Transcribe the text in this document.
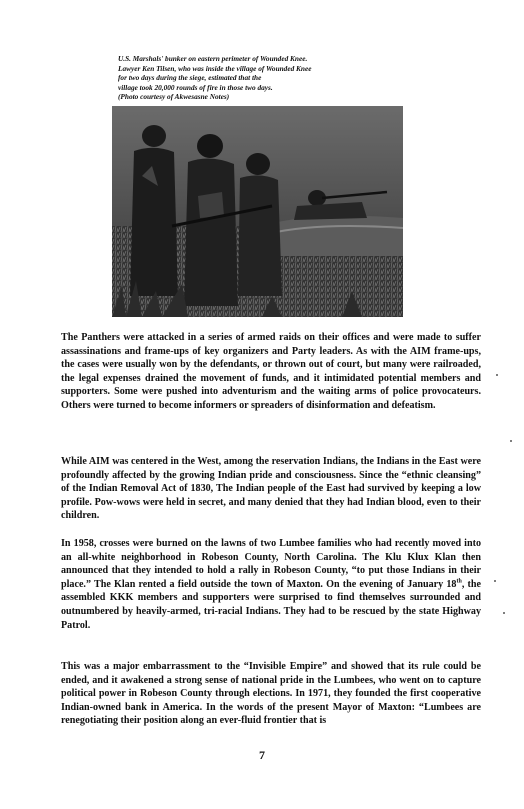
U.S. Marshals' bunker on eastern perimeter of Wounded Knee.
Lawyer Ken Tilsen, who was inside the village of Wounded Knee
for two days during the siege, estimated that the
village took 20,000 rounds of fire in those two days.
(Photo courtesy of Akwesasne Notes)

The Panthers were attacked in a series of armed raids on their offices and were made to suffer assassinations and frame-ups of key organizers and Party leaders. As with the AIM frame-ups, the cases were usually won by the defendants, or thrown out of court, but many were railroaded, the legal expenses drained the movement of funds, and it intimidated potential members and supporters. Some were pushed into adventurism and the waiting arms of police provocateurs. Others were turned to become informers or spreaders of disinformation and defeatism.

While AIM was centered in the West, among the reservation Indians, the Indians in the East were profoundly affected by the growing Indian pride and consciousness. Since the “ethnic cleansing” of the Indian Removal Act of 1830, The Indian people of the East had survived by keeping a low profile. Pow-wows were held in secret, and many denied that they had Indian blood, even to their children.

In 1958, crosses were burned on the lawns of two Lumbee families who had recently moved into an all-white neighborhood in Robeson County, North Carolina. The Klu Klux Klan then announced that they intended to hold a rally in Robeson County, “to put those Indians in their place.” The Klan rented a field outside the town of Maxton. On the evening of January 18th, the assembled KKK members and supporters were surprised to find themselves surrounded and outnumbered by heavily-armed, tri-racial Indians. They had to be rescued by the state Highway Patrol.

This was a major embarrassment to the “Invisible Empire” and showed that its rule could be ended, and it awakened a strong sense of national pride in the Lumbees, who went on to capture political power in Robeson County through elections. In 1971, they founded the first cooperative Indian-owned bank in America. In the words of the present Mayor of Maxton: “Lumbees are renegotiating their position along an ever-fluid frontier that is

7
